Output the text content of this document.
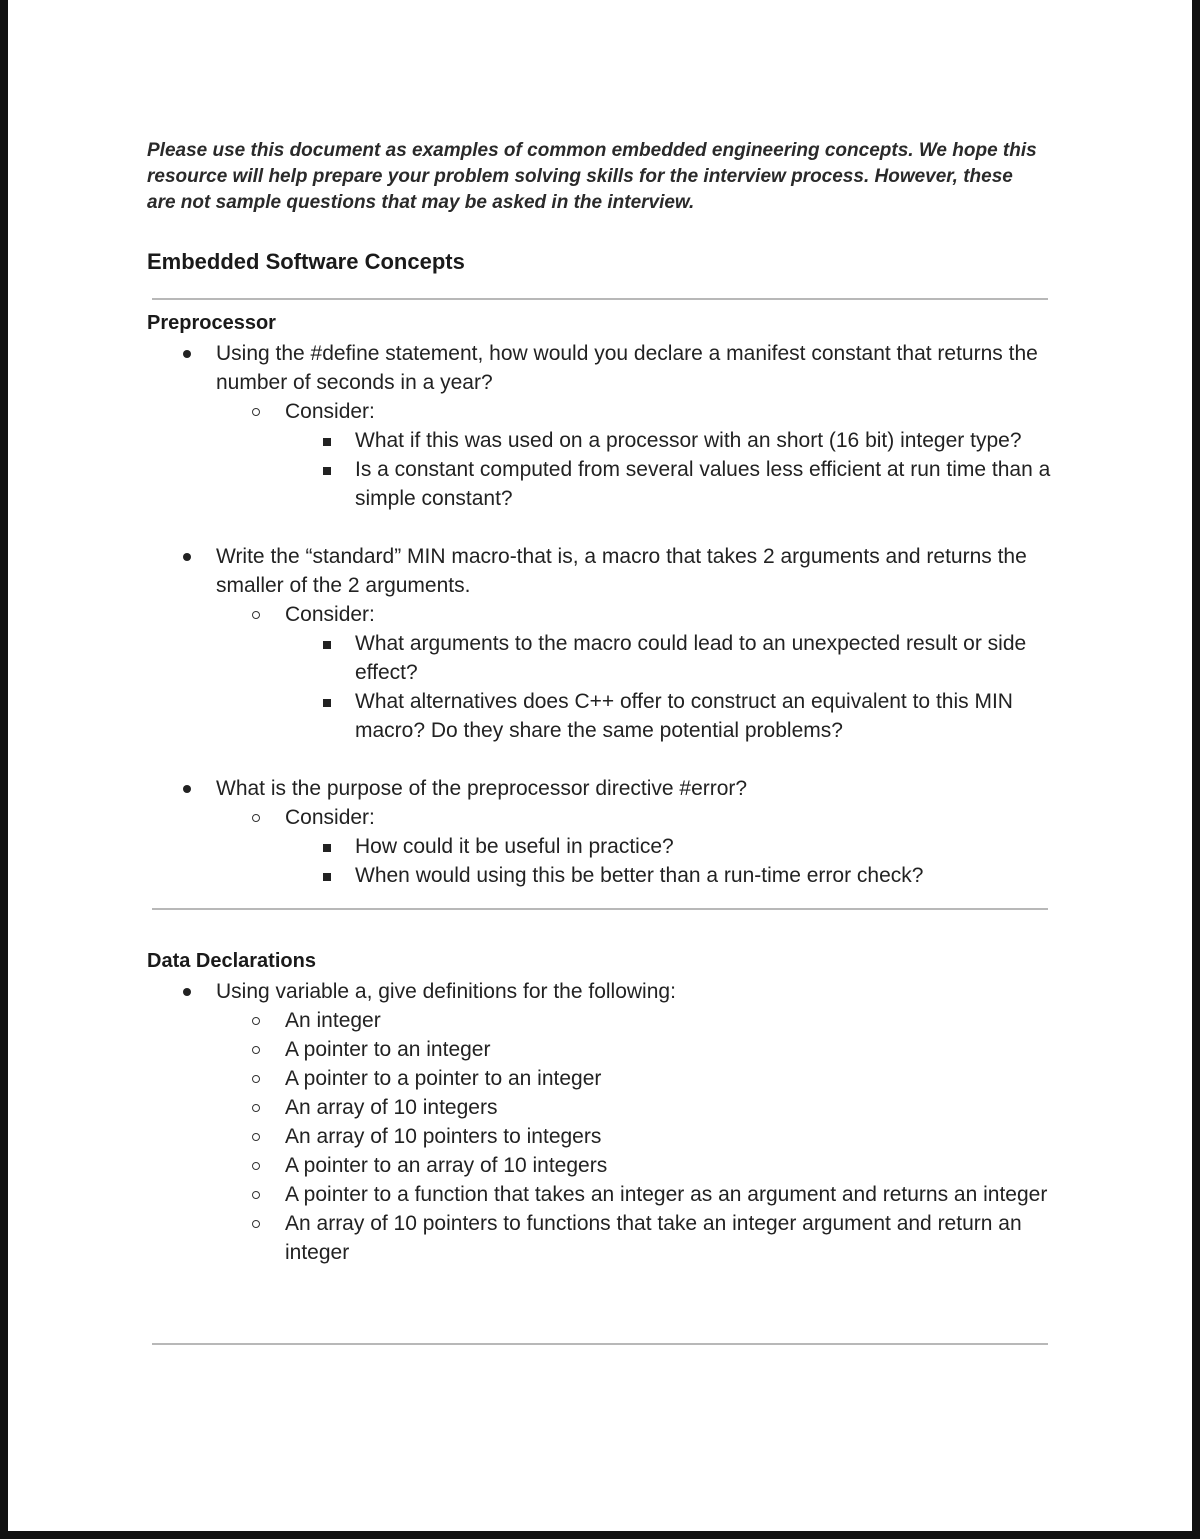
Please use this document as examples of common embedded engineering concepts. We hope this resource will help prepare your problem solving skills for the interview process. However, these are not sample questions that may be asked in the interview.

Embedded Software Concepts
Preprocessor
Using the #define statement, how would you declare a manifest constant that returns the number of seconds in a year?
Consider:
What if this was used on a processor with an short (16 bit) integer type?
Is a constant computed from several values less efficient at run time than a simple constant?
Write the “standard” MIN macro-that is, a macro that takes 2 arguments and returns the smaller of the 2 arguments.
Consider:
What arguments to the macro could lead to an unexpected result or side effect?
What alternatives does C++ offer to construct an equivalent to this MIN macro? Do they share the same potential problems?
What is the purpose of the preprocessor directive #error?
Consider:
How could it be useful in practice?
When would using this be better than a run-time error check?
Data Declarations
Using variable a, give definitions for the following:
An integer
A pointer to an integer
A pointer to a pointer to an integer
An array of 10 integers
An array of 10 pointers to integers
A pointer to an array of 10 integers
A pointer to a function that takes an integer as an argument and returns an integer
An array of 10 pointers to functions that take an integer argument and return an integer
